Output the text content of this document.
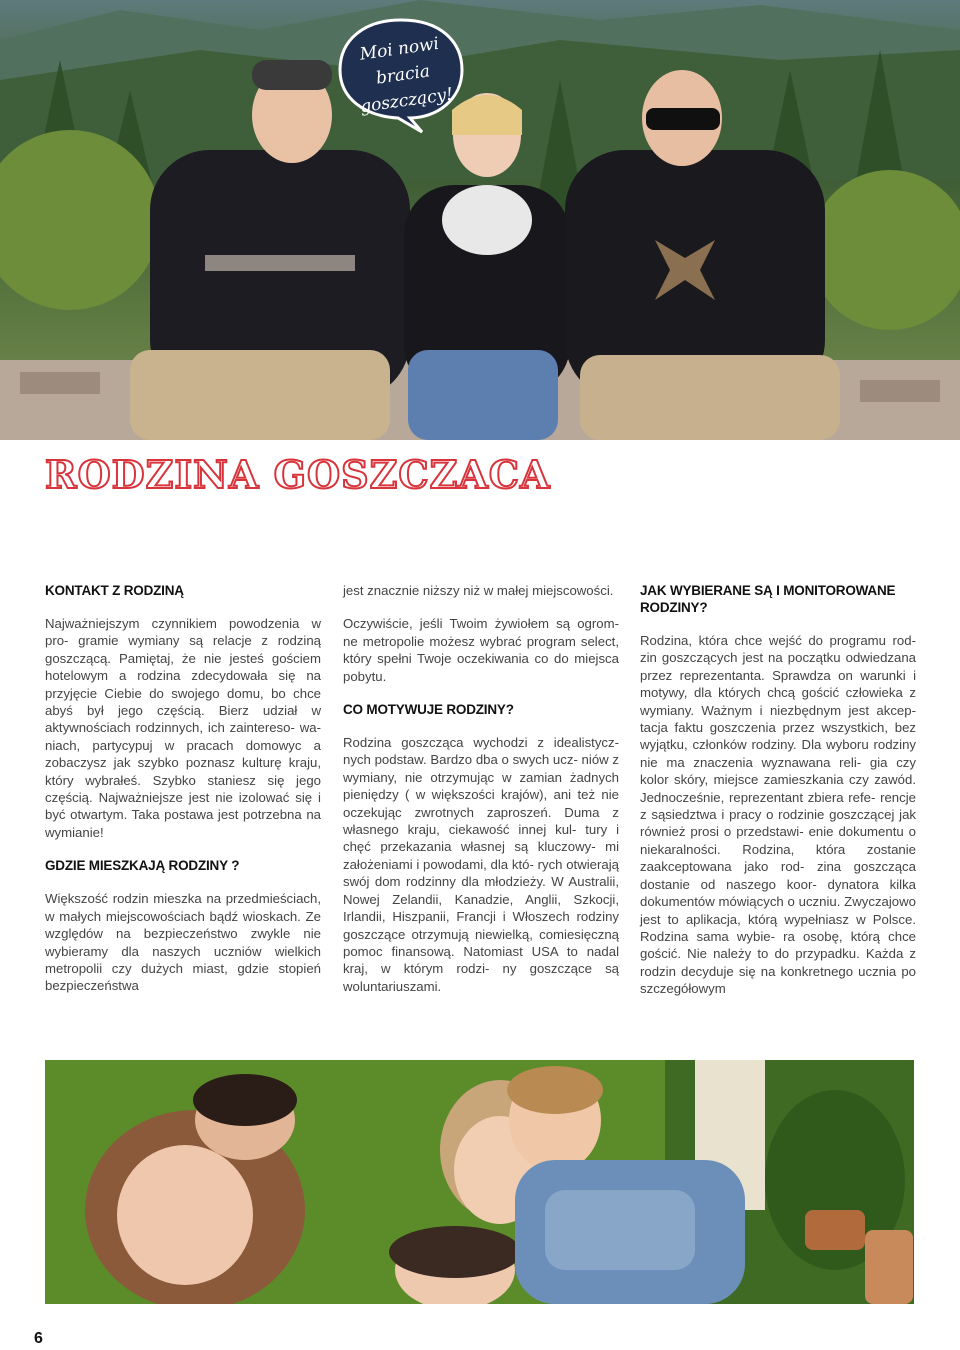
Moi nowi bracia
goszczący!
RODZINA GOSZCZACA
KONTAKT Z RODZINĄ

Najważniejszym czynnikiem powodzenia w pro- gramie wymiany są relacje z rodziną goszczącą. Pamiętaj, że nie jesteś gościem hotelowym a rodzina zdecydowała się na przyjęcie Ciebie do swojego domu, bo chce abyś był jego częścią. Bierz udział w aktywnościach rodzinnych, ich zaintereso- wa- niach, partycypuj w pracach domowyc a zobaczysz jak szybko poznasz kulturę kraju, który wybrałeś. Szybko staniesz się jego częścią. Najważniejsze jest nie izolować się i być otwartym. Taka postawa jest potrzebna na wymianie!

GDZIE MIESZKAJĄ RODZINY ?

Większość rodzin mieszka na przedmieściach, w małych miejscowościach bądź wioskach. Ze względów na bezpieczeństwo zwykle nie wybieramy dla naszych uczniów wielkich metropolii czy dużych miast, gdzie stopień bezpieczeństwa

jest znacznie niższy niż w małej miejscowości.

Oczywiście, jeśli Twoim żywiołem są ogrom- ne metropolie możesz wybrać program select, który spełni Twoje oczekiwania co do miejsca pobytu.

CO MOTYWUJE RODZINY?

Rodzina goszcząca wychodzi z idealistycz- nych podstaw. Bardzo dba o swych ucz- niów z wymiany, nie otrzymując w zamian żadnych pieniędzy ( w większości krajów), ani też nie oczekując zwrotnych zaproszeń. Duma z własnego kraju, ciekawość innej kul- tury i chęć przekazania własnej są kluczowy- mi założeniami i powodami, dla któ- rych otwierają swój dom rodzinny dla młodzieży. W Australii, Nowej Zelandii, Kanadzie, Anglii, Szkocji, Irlandii, Hiszpanii, Francji i Włoszech rodziny goszczące otrzymują niewielką, comiesięczną pomoc finansową. Natomiast USA to nadal kraj, w którym rodzi- ny goszczące są woluntariuszami.

JAK WYBIERANE SĄ I MONITOROWANE RODZINY?

Rodzina, która chce wejść do programu rod- zin goszczących jest na początku odwiedzana przez reprezentanta. Sprawdza on warunki i motywy, dla których chcą gościć człowieka z wymiany. Ważnym i niezbędnym jest akcep- tacja faktu goszczenia przez wszystkich, bez wyjątku, członków rodziny. Dla wyboru rodziny nie ma znaczenia wyznawana reli- gia czy kolor skóry, miejsce zamieszkania czy zawód. Jednocześnie, reprezentant zbiera refe- rencje z sąsiedztwa i pracy o rodzinie goszczącej jak również prosi o przedstawi- enie dokumentu o niekaralności. Rodzina, która zostanie zaakceptowana jako rod- zina goszcząca dostanie od naszego koor- dynatora kilka dokumentów mówiących o uczniu. Zwyczajowo jest to aplikacja, którą wypełniasz w Polsce. Rodzina sama wybie- ra osobę, którą chce gościć. Nie należy to do przypadku. Każda z rodzin decyduje się na konkretnego ucznia po szczegółowym

6
